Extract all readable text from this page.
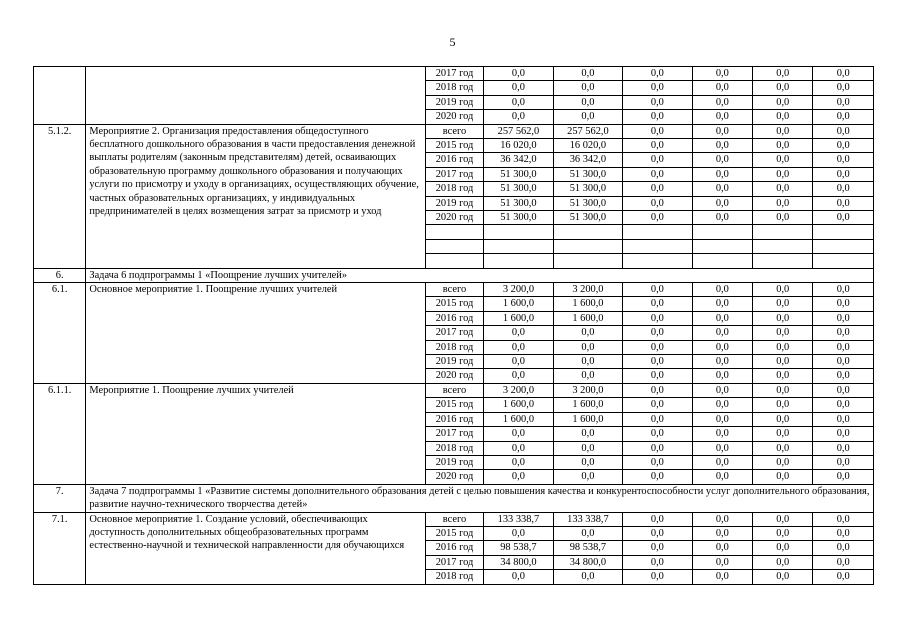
5
		2017 год	0,0	0,0	0,0	0,0	0,0	0,0
		2018 год	0,0	0,0	0,0	0,0	0,0	0,0
		2019 год	0,0	0,0	0,0	0,0	0,0	0,0
		2020 год	0,0	0,0	0,0	0,0	0,0	0,0
5.1.2.	Мероприятие 2. Организация предоставления общедоступного бесплатного дошкольного образования в части предоставления денежной выплаты родителям (законным представителям) детей, осваивающих образовательную программу дошкольного образования и получающих услуги по присмотру и уходу в организациях, осуществляющих обучение, частных образовательных организациях, у индивидуальных предпринимателей в целях возмещения затрат за присмотр и уход	всего	257 562,0	257 562,0	0,0	0,0	0,0	0,0
		2015 год	16 020,0	16 020,0	0,0	0,0	0,0	0,0
		2016 год	36 342,0	36 342,0	0,0	0,0	0,0	0,0
		2017 год	51 300,0	51 300,0	0,0	0,0	0,0	0,0
		2018 год	51 300,0	51 300,0	0,0	0,0	0,0	0,0
		2019 год	51 300,0	51 300,0	0,0	0,0	0,0	0,0
		2020 год	51 300,0	51 300,0	0,0	0,0	0,0	0,0

6.	Задача 6 подпрограммы 1 «Поощрение лучших учителей»							
6.1.	Основное мероприятие 1. Поощрение лучших учителей	всего	3 200,0	3 200,0	0,0	0,0	0,0	0,0
		2015 год	1 600,0	1 600,0	0,0	0,0	0,0	0,0
		2016 год	1 600,0	1 600,0	0,0	0,0	0,0	0,0
		2017 год	0,0	0,0	0,0	0,0	0,0	0,0
		2018 год	0,0	0,0	0,0	0,0	0,0	0,0
		2019 год	0,0	0,0	0,0	0,0	0,0	0,0
		2020 год	0,0	0,0	0,0	0,0	0,0	0,0
6.1.1.	Мероприятие 1. Поощрение лучших учителей	всего	3 200,0	3 200,0	0,0	0,0	0,0	0,0
		2015 год	1 600,0	1 600,0	0,0	0,0	0,0	0,0
		2016 год	1 600,0	1 600,0	0,0	0,0	0,0	0,0
		2017 год	0,0	0,0	0,0	0,0	0,0	0,0
		2018 год	0,0	0,0	0,0	0,0	0,0	0,0
		2019 год	0,0	0,0	0,0	0,0	0,0	0,0
		2020 год	0,0	0,0	0,0	0,0	0,0	0,0
7.	Задача 7 подпрограммы 1 «Развитие системы дополнительного образования детей с целью повышения качества и конкурентоспособности услуг дополнительного образования, развитие научно-технического творчества детей»							
7.1.	Основное мероприятие 1. Создание условий, обеспечивающих доступность дополнительных общеобразовательных программ естественно-научной и технической направленности для обучающихся	всего	133 338,7	133 338,7	0,0	0,0	0,0	0,0
		2015 год	0,0	0,0	0,0	0,0	0,0	0,0
		2016 год	98 538,7	98 538,7	0,0	0,0	0,0	0,0
		2017 год	34 800,0	34 800,0	0,0	0,0	0,0	0,0
		2018 год	0,0	0,0	0,0	0,0	0,0	0,0
